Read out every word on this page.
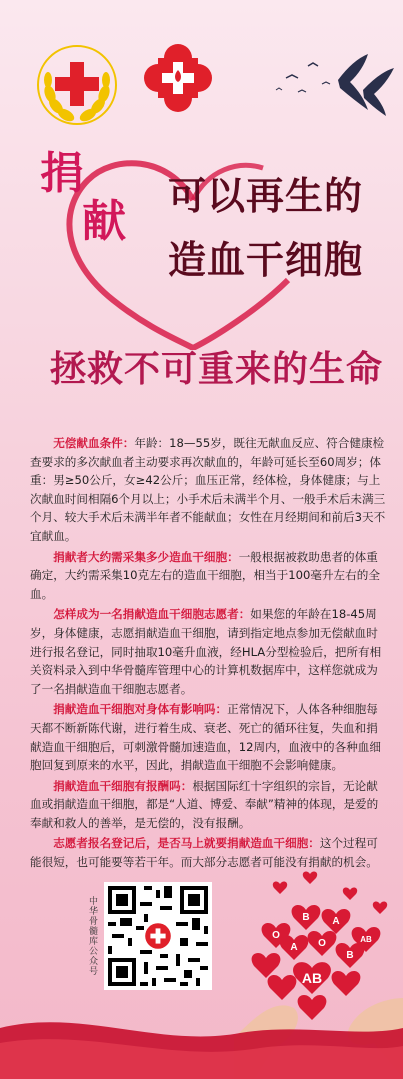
捐
献 可以再生的
造血干细胞
拯救不可重来的生命

无偿献血条件：年龄：18—55岁，既往无献血反应、符合健康检查要求的多次献血者主动要求再次献血的，年龄可延长至60周岁；体重：男≥50公斤，女≥42公斤；血压正常，经体检，身体健康；与上次献血时间相隔6个月以上；小手术后未满半个月、一般手术后未满三个月、较大手术后未满半年者不能献血；女性在月经期间和前后3天不宜献血。

捐献者大约需采集多少造血干细胞：一般根据被救助患者的体重确定，大约需采集10克左右的造血干细胞，相当于100毫升左右的全血。

怎样成为一名捐献造血干细胞志愿者：如果您的年龄在18-45周岁，身体健康，志愿捐献造血干细胞，请到指定地点参加无偿献血时进行报名登记，同时抽取10毫升血液，经HLA分型检验后，把所有相关资料录入到中华骨髓库管理中心的计算机数据库中，这样您就成为了一名捐献造血干细胞志愿者。

捐献造血干细胞对身体有影响吗：正常情况下，人体各种细胞每天都不断新陈代谢，进行着生成、衰老、死亡的循环往复，失血和捐献造血干细胞后，可刺激骨髓加速造血，12周内，血液中的各种血细胞回复到原来的水平，因此，捐献造血干细胞不会影响健康。

捐献造血干细胞有报酬吗：根据国际红十字组织的宗旨，无论献血或捐献造血干细胞，都是“人道、博爱、奉献”精神的体现，是爱的奉献和救人的善举，是无偿的，没有报酬。

志愿者报名登记后，是否马上就要捐献造血干细胞：这个过程可能很短，也可能要等若干年。而大部分志愿者可能没有捐献的机会。

中华骨髓库公众号	O
B A
AB
A O
B
AB
